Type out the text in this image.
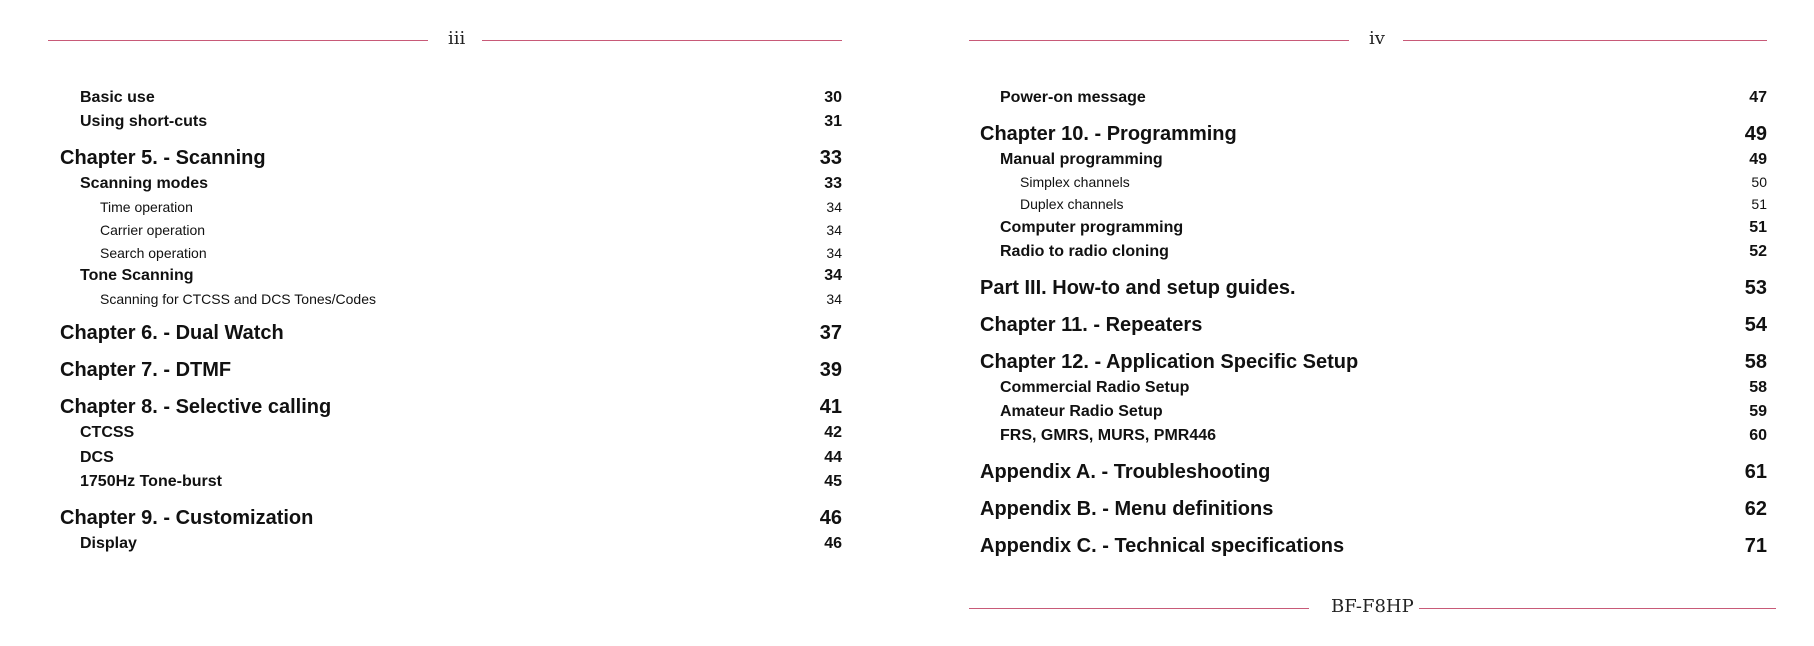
iii
Basic use	30
Using short-cuts	31
Chapter 5. - Scanning	33
Scanning modes	33
Time operation	34
Carrier operation	34
Search operation	34
Tone Scanning	34
Scanning for CTCSS and DCS Tones/Codes	34
Chapter 6. - Dual Watch	37
Chapter 7. - DTMF	39
Chapter 8. - Selective calling	41
CTCSS	42
DCS	44
1750Hz Tone-burst	45
Chapter 9. - Customization	46
Display	46
iv
Power-on message	47
Chapter 10. - Programming	49
Manual programming	49
Simplex channels	50
Duplex channels	51
Computer programming	51
Radio to radio cloning	52
Part III. How-to and setup guides.	53
Chapter 11. - Repeaters	54
Chapter 12. - Application Specific Setup	58
Commercial Radio Setup	58
Amateur Radio Setup	59
FRS, GMRS, MURS, PMR446	60
Appendix A. - Troubleshooting	61
Appendix B. - Menu definitions	62
Appendix C. - Technical specifications	71
BF-F8HP
